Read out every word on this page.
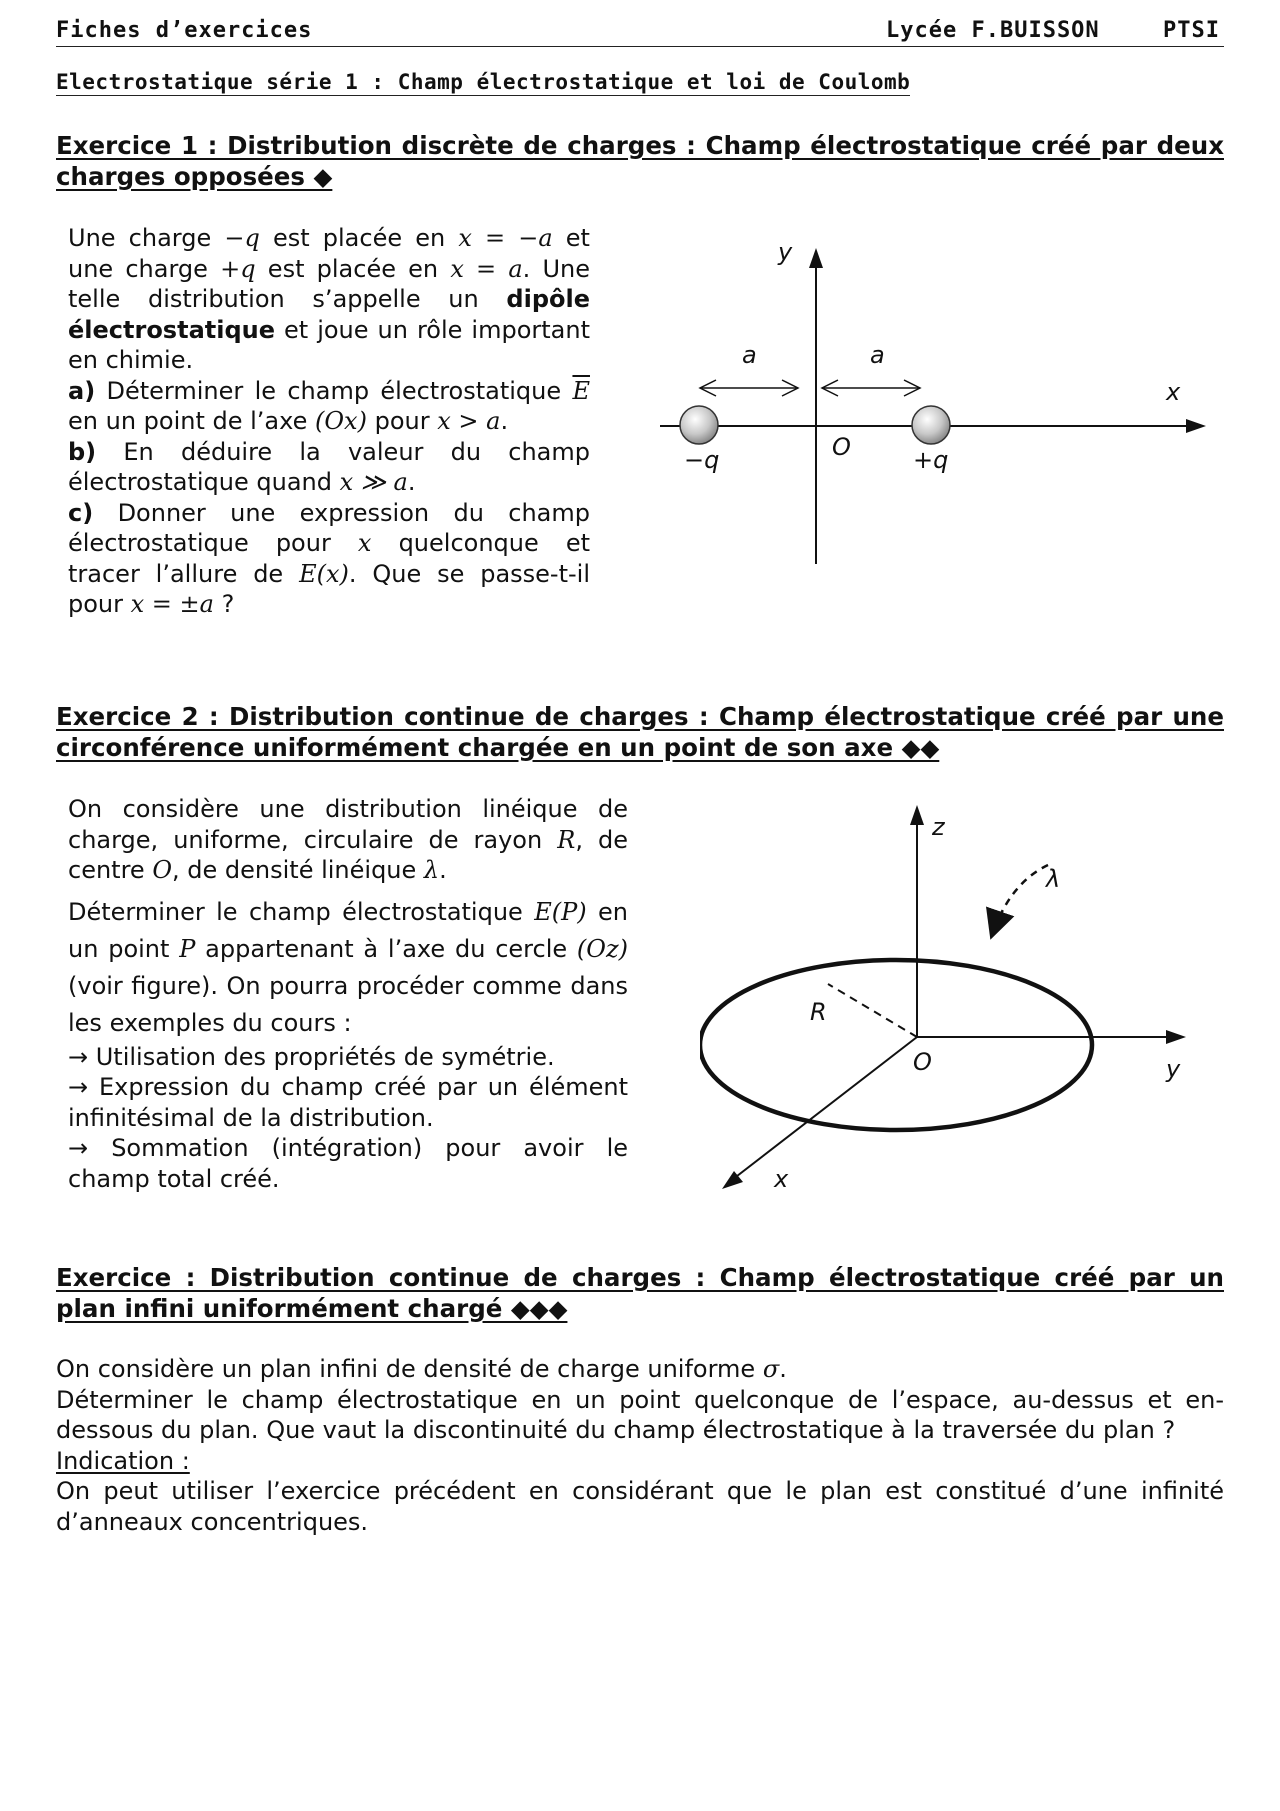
Fiches d’exercices	Lycée F.BUISSON	PTSI
Electrostatique série 1 : Champ électrostatique et loi de Coulomb
Exercice 1 : Distribution discrète de charges : Champ électrostatique créé par deux charges opposées ◆

Une charge −q est placée en x = −a et une charge +q est placée en x = a. Une telle distribution s’appelle un dipôle électrostatique et joue un rôle important en chimie.

a) Déterminer le champ électrostatique $\overline{E}$ en un point de l’axe (Ox) pour x > a.

b) En déduire la valeur du champ électrostatique quand x ≫ a.

c) Donner une expression du champ électrostatique pour x quelconque et tracer l’allure de E(x). Que se passe-t-il pour x = ±a ?

y
x
a	a
O
−q	+q
Exercice 2 : Distribution continue de charges : Champ électrostatique créé par une circonférence uniformément chargée en un point de son axe ◆◆

On considère une distribution linéique de charge, uniforme, circulaire de rayon R, de centre O, de densité linéique λ.

Déterminer le champ électrostatique E(P) en un point P appartenant à l’axe du cercle (Oz) (voir figure). On pourra procéder comme dans les exemples du cours :

→ Utilisation des propriétés de symétrie.

→ Expression du champ créé par un élément infinitésimal de la distribution.

→ Sommation (intégration) pour avoir le champ total créé.

z
y
x
λ
R
O
Exercice : Distribution continue de charges : Champ électrostatique créé par un plan infini uniformément chargé ◆◆◆

On considère un plan infini de densité de charge uniforme σ.

Déterminer le champ électrostatique en un point quelconque de l’espace, au-dessus et en-dessous du plan. Que vaut la discontinuité du champ électrostatique à la traversée du plan ?

Indication :

On peut utiliser l’exercice précédent en considérant que le plan est constitué d’une infinité d’anneaux concentriques.
